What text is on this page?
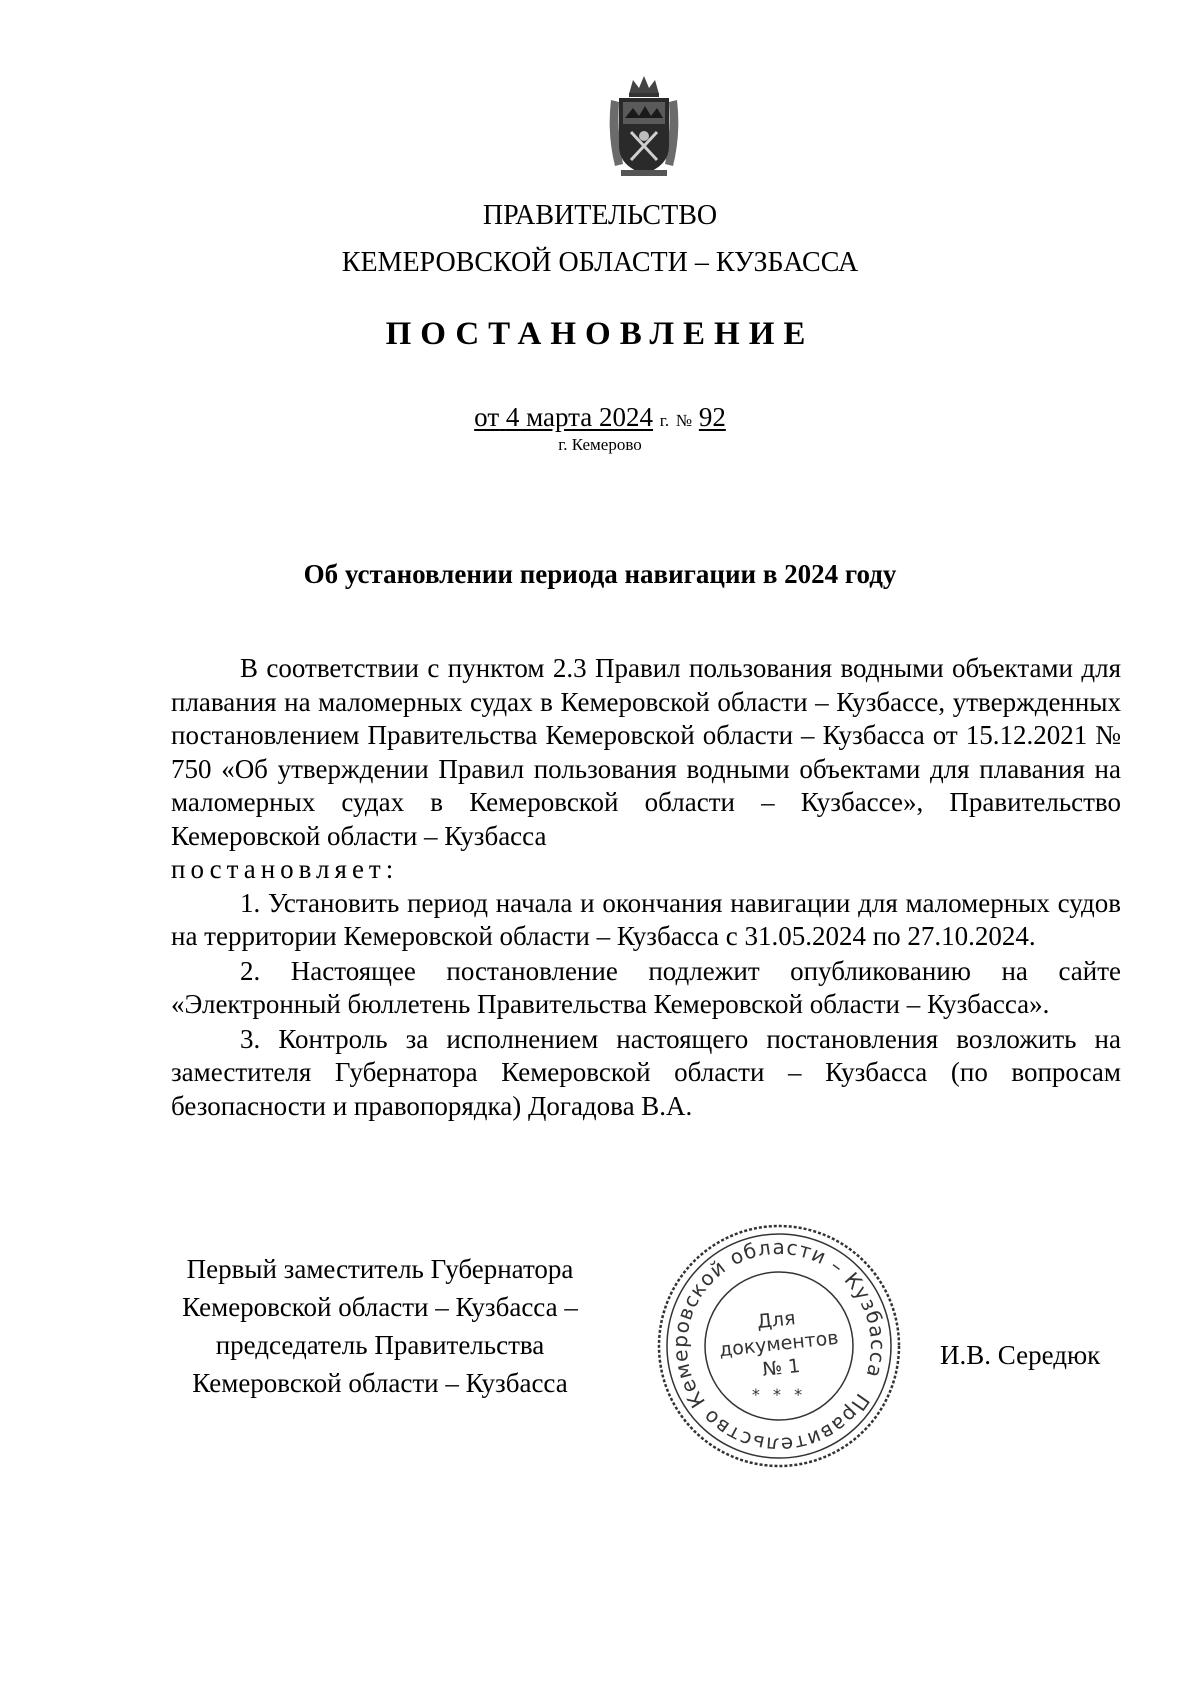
ПРАВИТЕЛЬСТВО
КЕМЕРОВСКОЙ ОБЛАСТИ – КУЗБАССА
ПОСТАНОВЛЕНИЕ
от 4 марта 2024 г. № 92
г. Кемерово
Об установлении периода навигации в 2024 году

В соответствии с пунктом 2.3 Правил пользования водными объектами для плавания на маломерных судах в Кемеровской области – Кузбассе, утвержденных постановлением Правительства Кемеровской области – Кузбасса от 15.12.2021 № 750 «Об утверждении Правил пользования водными объектами для плавания на маломерных судах в Кемеровской области – Кузбассе», Правительство Кемеровской области – Кузбасса

постановляет:

1. Установить период начала и окончания навигации для маломерных судов на территории Кемеровской области – Кузбасса с 31.05.2024 по 27.10.2024.

2. Настоящее постановление подлежит опубликованию на сайте «Электронный бюллетень Правительства Кемеровской области – Кузбасса».

3. Контроль за исполнением настоящего постановления возложить на заместителя Губернатора Кемеровской области – Кузбасса (по вопросам безопасности и правопорядка) Догадова В.А.

Первый заместитель Губернатора
Кемеровской области – Кузбасса –
председатель Правительства
Кемеровской области – Кузбасса
Правительство Кемеровской области – Кузбасса
* * *
Для
документов
№ 1	И.В. Середюк
